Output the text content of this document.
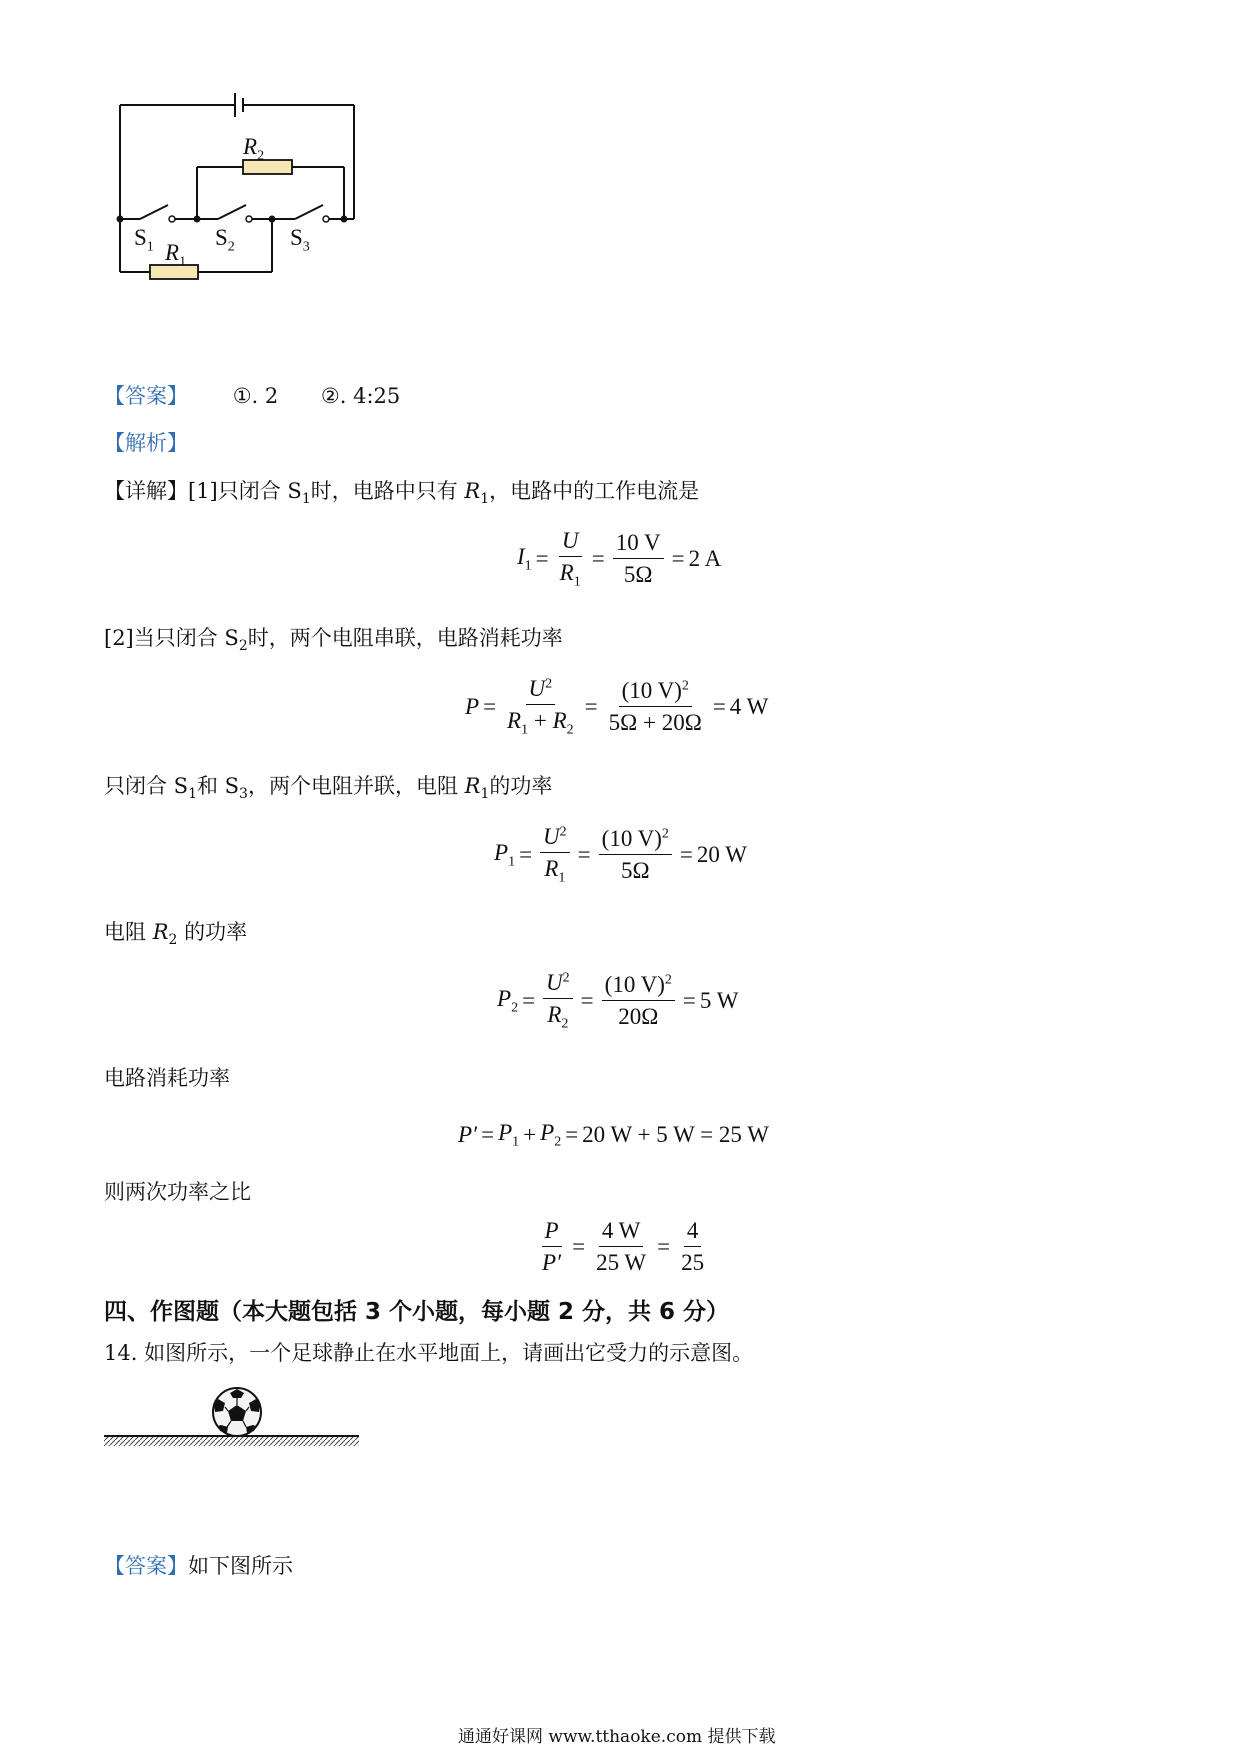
$R_2$
$S_1$	$S_2$ $S_3$
$R_1$
【答案】 ①. 2 ②. 4:25
【解析】
【详解】[1]只闭合 $S_1$时，电路中只有 $R_1$，电路中的工作电流是
$I_1 = \frac{U}{R_1} = \frac{10 V}{5\Omega} = 2$ A
[2]当只闭合 $S_2$时，两个电阻串联，电路消耗功率
$P = \frac{U^2}{R_1 + R_2} = \frac{(10 V)^2}{5\Omega + 20\Omega} = 4$ W
只闭合 $S_1$和 $S_3$，两个电阻并联，电阻 $R_1$的功率
$P_1 = \frac{U^2}{R_1} = \frac{(10 V)^2}{5\Omega} = 20$ W
电阻 $R_2$ 的功率
$P_2 = \frac{U^2}{R_2} = \frac{(10 V)^2}{20\Omega} = 5$ W
电路消耗功率
$P' = P_1 + P_2 = 20$ W + 5 W = 25 W
则两次功率之比
$\frac{P}{P'} = \frac{4 W}{25 W} = \frac{4}{25}$
四、作图题（本大题包括 3 个小题，每小题 2 分，共 6 分）
14. 如图所示，一个足球静止在水平地面上，请画出它受力的示意图。
【答案】如下图所示
通通好课网 www.tthaoke.com 提供下载
